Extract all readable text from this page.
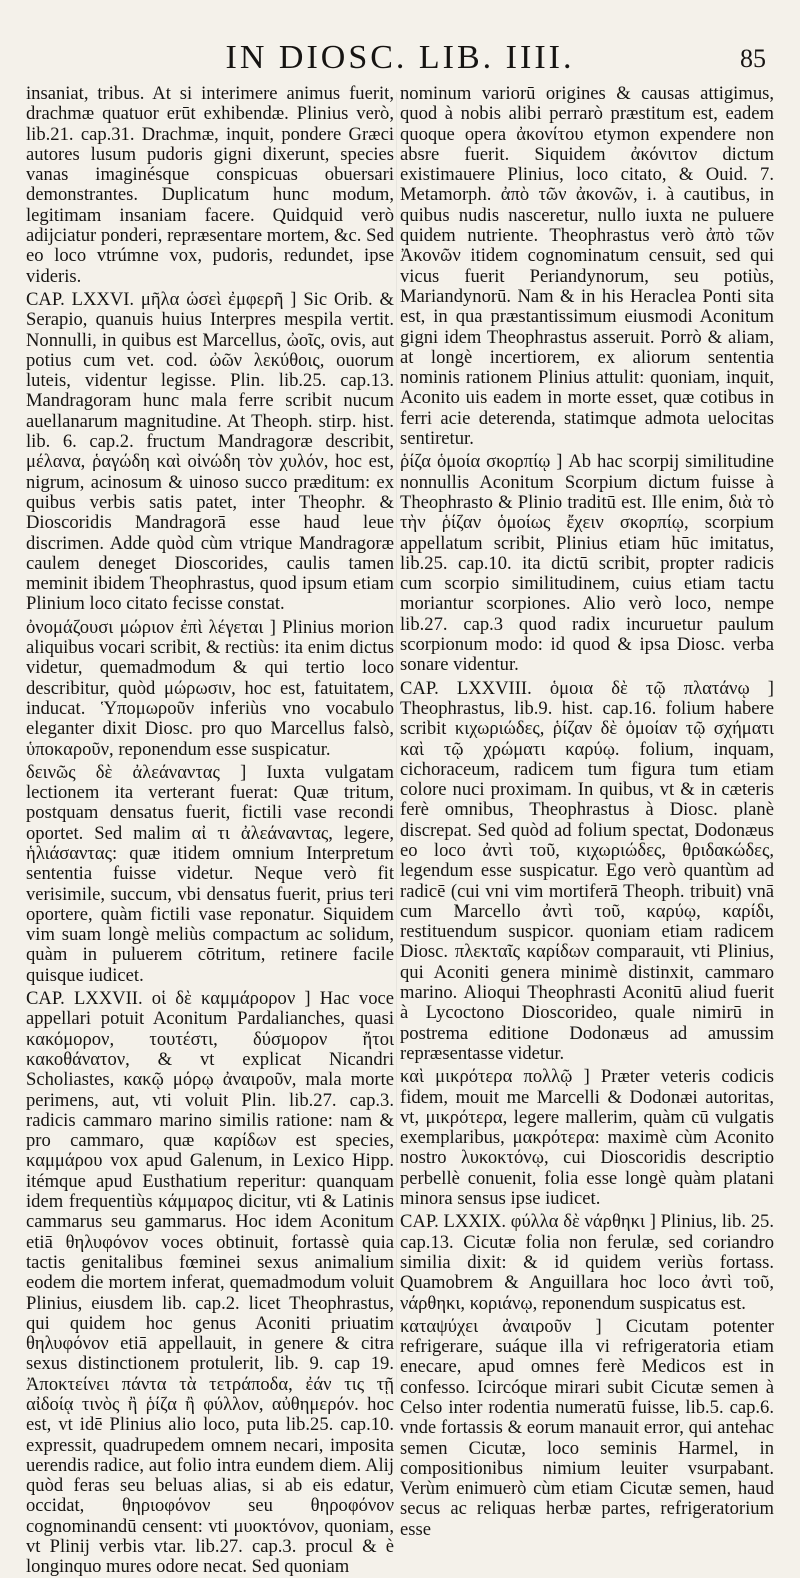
IN DIOSC. LIB. IIII.	85

insaniat, tribus. At si interimere animus fuerit, drachmæ quatuor erūt exhibendæ. Plinius verò, lib.21. cap.31. Drachmæ, inquit, pondere Græci autores lusum pudoris gigni dixerunt, species vanas imaginésque conspicuas obuersari demonstrantes. Duplicatum hunc modum, legitimam insaniam facere. Quidquid verò adijciatur ponderi, repræsentare mortem, &c. Sed eo loco vtrúmne vox, pudoris, redundet, ipse videris.

CAP. LXXVI. μῆλα ὡσεὶ ἐμφερῆ ] Sic Orib. & Serapio, quanuis huius Interpres mespila vertit. Nonnulli, in quibus est Marcellus, ὠοῖς, ovis, aut potius cum vet. cod. ὠῶν λεκύθοις, ouorum luteis, videntur legisse. Plin. lib.25. cap.13. Mandragoram hunc mala ferre scribit nucum auellanarum magnitudine. At Theoph. stirp. hist. lib. 6. cap.2. fructum Mandragoræ describit, μέλανα, ῥαγώδη καὶ οἰνώδη τὸν χυλόν, hoc est, nigrum, acinosum & uinoso succo præditum: ex quibus verbis satis patet, inter Theophr. & Dioscoridis Mandragorā esse haud leue discrimen. Adde quòd cùm vtrique Mandragoræ caulem deneget Dioscorides, caulis tamen meminit ibidem Theophrastus, quod ipsum etiam Plinium loco citato fecisse constat.

ὀνομάζουσι μώριον ἐπὶ λέγεται ] Plinius morion aliquibus vocari scribit, & rectiùs: ita enim dictus videtur, quemadmodum & qui tertio loco describitur, quòd μώρωσιν, hoc est, fatuitatem, inducat. Ὑπομωροῦν inferiùs vno vocabulo eleganter dixit Diosc. pro quo Marcellus falsò, ὑποκαροῦν, reponendum esse suspicatur.

δεινῶς δὲ ἀλεάναντας ] Iuxta vulgatam lectionem ita verterant fuerat: Quæ tritum, postquam densatus fuerit, fictili vase recondi oportet. Sed malim αἰ τι ἀλεάναντας, legere, ἡλιάσαντας: quæ itidem omnium Interpretum sententia fuisse videtur. Neque verò fit verisimile, succum, vbi densatus fuerit, prius teri oportere, quàm fictili vase reponatur. Siquidem vim suam longè meliùs compactum ac solidum, quàm in puluerem cōtritum, retinere facile quisque iudicet.

CAP. LXXVII. οἱ δὲ καμμάρορον ] Hac voce appellari potuit Aconitum Pardalianches, quasi κακόμορον, τουτέστι, δύσμορον ἤτοι κακοθάνατον, & vt explicat Nicandri Scholiastes, κακῷ μόρῳ ἀναιροῦν, mala morte perimens, aut, vti voluit Plin. lib.27. cap.3. radicis cammaro marino similis ratione: nam & pro cammaro, quæ καρίδων est species, καμμάρου vox apud Galenum, in Lexico Hipp. itémque apud Eusthatium reperitur: quanquam idem frequentiùs κάμμαρος dicitur, vti & Latinis cammarus seu gammarus. Hoc idem Aconitum etiā θηλυφόνον voces obtinuit, fortassè quia tactis genitalibus fœminei sexus animalium eodem die mortem inferat, quemadmodum voluit Plinius, eiusdem lib. cap.2. licet Theophrastus, qui quidem hoc genus Aconiti priuatim θηλυφόνον etiā appellauit, in genere & citra sexus distinctionem protulerit, lib. 9. cap 19. Ἀποκτείνει πάντα τὰ τετράποδα, ἐάν τις τῇ αἰδοίᾳ τινὸς ἢ ῥίζα ἢ φύλλον, αὐθημερόν. hoc est, vt idē Plinius alio loco, puta lib.25. cap.10. expressit, quadrupedem omnem necari, imposita uerendis radice, aut folio intra eundem diem. Alij quòd feras seu beluas alias, si ab eis edatur, occidat, θηριοφόνον seu θηροφόνον cognominandū censent: vti μυοκτόνον, quoniam, vt Plinij verbis vtar. lib.27. cap.3. procul & è longinquo mures odore necat. Sed quoniam

nominum variorū origines & causas attigimus, quod à nobis alibi perrarò præstitum est, eadem quoque opera ἀκονίτου etymon expendere non absre fuerit. Siquidem ἀκόνιτον dictum existimauere Plinius, loco citato, & Ouid. 7. Metamorph. ἀπὸ τῶν ἀκονῶν, i. à cautibus, in quibus nudis nasceretur, nullo iuxta ne puluere quidem nutriente. Theophrastus verò ἀπὸ τῶν Ἀκονῶν itidem cognominatum censuit, sed qui vicus fuerit Periandynorum, seu potiùs, Mariandynorū. Nam & in his Heraclea Ponti sita est, in qua præstantissimum eiusmodi Aconitum gigni idem Theophrastus asseruit. Porrò & aliam, at longè incertiorem, ex aliorum sententia nominis rationem Plinius attulit: quoniam, inquit, Aconito uis eadem in morte esset, quæ cotibus in ferri acie deterenda, statimque admota uelocitas sentiretur.

ῥίζα ὁμοία σκορπίῳ ] Ab hac scorpij similitudine nonnullis Aconitum Scorpium dictum fuisse à Theophrasto & Plinio traditū est. Ille enim, διὰ τὸ τὴν ῥίζαν ὁμοίως ἔχειν σκορπίῳ, scorpium appellatum scribit, Plinius etiam hūc imitatus, lib.25. cap.10. ita dictū scribit, propter radicis cum scorpio similitudinem, cuius etiam tactu moriantur scorpiones. Alio verò loco, nempe lib.27. cap.3 quod radix incuruetur paulum scorpionum modo: id quod & ipsa Diosc. verba sonare videntur.

CAP. LXXVIII. ὁμοια δὲ τῷ πλατάνῳ ] Theophrastus, lib.9. hist. cap.16. folium habere scribit κιχωριώδες, ῥίζαν δὲ ὁμοίαν τῷ σχήματι καὶ τῷ χρώματι καρύῳ. folium, inquam, cichoraceum, radicem tum figura tum etiam colore nuci proximam. In quibus, vt & in cæteris ferè omnibus, Theophrastus à Diosc. planè discrepat. Sed quòd ad folium spectat, Dodonæus eo loco ἀντὶ τοῦ, κιχωριώδες, θριδακώδες, legendum esse suspicatur. Ego verò quantùm ad radicē (cui vni vim mortiferā Theoph. tribuit) vnā cum Marcello ἀντὶ τοῦ, καρύῳ, καρίδι, restituendum suspicor. quoniam etiam radicem Diosc. πλεκταῖς καρίδων comparauit, vti Plinius, qui Aconiti genera minimè distinxit, cammaro marino. Alioqui Theophrasti Aconitū aliud fuerit à Lycoctono Dioscorideo, quale nimirū in postrema editione Dodonæus ad amussim repræsentasse videtur.

καὶ μικρότερα πολλῷ ] Præter veteris codicis fidem, mouit me Marcelli & Dodonæi autoritas, vt, μικρότερα, legere mallerim, quàm cū vulgatis exemplaribus, μακρότερα: maximè cùm Aconito nostro λυκοκτόνῳ, cui Dioscoridis descriptio perbellè conuenit, folia esse longè quàm platani minora sensus ipse iudicet.

CAP. LXXIX. φύλλα δὲ νάρθηκι ] Plinius, lib. 25. cap.13. Cicutæ folia non ferulæ, sed coriandro similia dixit: & id quidem veriùs fortass. Quamobrem & Anguillara hoc loco ἀντὶ τοῦ, νάρθηκι, κοριάνῳ, reponendum suspicatus est.

καταψύχει ἀναιροῦν ] Cicutam potenter refrigerare, suáque illa vi refrigeratoria etiam enecare, apud omnes ferè Medicos est in confesso. Icircóque mirari subit Cicutæ semen à Celso inter rodentia numeratū fuisse, lib.5. cap.6. vnde fortassis & eorum manauit error, qui antehac semen Cicutæ, loco seminis Harmel, in compositionibus nimium leuiter vsurpabant. Verùm enimuerò cùm etiam Cicutæ semen, haud secus ac reliquas herbæ partes, refrigeratorium esse
